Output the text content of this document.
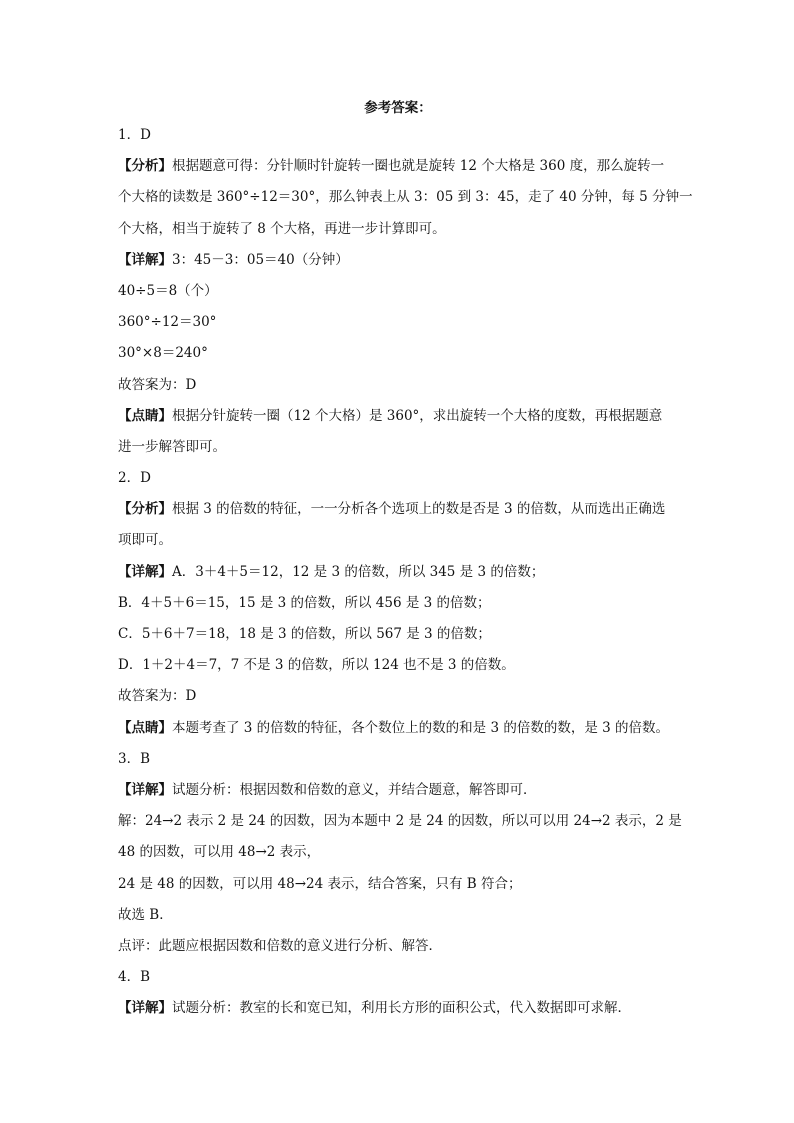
参考答案：
1．D
【分析】根据题意可得：分针顺时针旋转一圈也就是旋转 12 个大格是 360 度，那么旋转一
个大格的读数是 360°÷12＝30°，那么钟表上从 3：05 到 3：45，走了 40 分钟，每 5 分钟一
个大格，相当于旋转了 8 个大格，再进一步计算即可。
【详解】3：45－3：05＝40（分钟）
40÷5＝8（个）
360°÷12＝30°
30°×8＝240°
故答案为：D
【点睛】根据分针旋转一圈（12 个大格）是 360°，求出旋转一个大格的度数，再根据题意
进一步解答即可。
2．D
【分析】根据 3 的倍数的特征，一一分析各个选项上的数是否是 3 的倍数，从而选出正确选
项即可。
【详解】A．3＋4＋5＝12，12 是 3 的倍数，所以 345 是 3 的倍数；
B．4＋5＋6＝15，15 是 3 的倍数，所以 456 是 3 的倍数；
C．5＋6＋7＝18，18 是 3 的倍数，所以 567 是 3 的倍数；
D．1＋2＋4＝7，7 不是 3 的倍数，所以 124 也不是 3 的倍数。
故答案为：D
【点睛】本题考查了 3 的倍数的特征，各个数位上的数的和是 3 的倍数的数，是 3 的倍数。
3．B
【详解】试题分析：根据因数和倍数的意义，并结合题意，解答即可．
解：24→2 表示 2 是 24 的因数，因为本题中 2 是 24 的因数，所以可以用 24→2 表示，2 是
48 的因数，可以用 48→2 表示，
24 是 48 的因数，可以用 48→24 表示，结合答案，只有 B 符合；
故选 B．
点评：此题应根据因数和倍数的意义进行分析、解答．
4．B
【详解】试题分析：教室的长和宽已知，利用长方形的面积公式，代入数据即可求解．
